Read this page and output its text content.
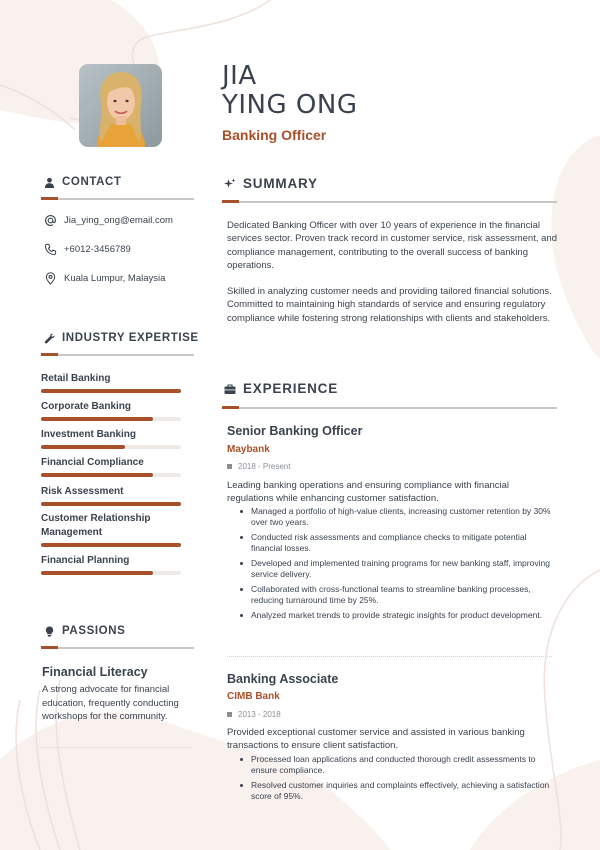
JIA
YING ONG
Banking Officer
CONTACT
Jia_ying_ong@email.com
+6012-3456789
Kuala Lumpur, Malaysia
INDUSTRY EXPERTISE
Retail Banking
Corporate Banking
Investment Banking
Financial Compliance
Risk Assessment
Customer Relationship Management
Financial Planning
PASSIONS
Financial Literacy
A strong advocate for financial education, frequently conducting workshops for the community.
SUMMARY
Dedicated Banking Officer with over 10 years of experience in the financial services sector. Proven track record in customer service, risk assessment, and compliance management, contributing to the overall success of banking operations.
Skilled in analyzing customer needs and providing tailored financial solutions. Committed to maintaining high standards of service and ensuring regulatory compliance while fostering strong relationships with clients and stakeholders.
EXPERIENCE
Senior Banking Officer
Maybank
2018 - Present
Leading banking operations and ensuring compliance with financial regulations while enhancing customer satisfaction.
Managed a portfolio of high-value clients, increasing customer retention by 30% over two years.
Conducted risk assessments and compliance checks to mitigate potential financial losses.
Developed and implemented training programs for new banking staff, improving service delivery.
Collaborated with cross-functional teams to streamline banking processes, reducing turnaround time by 25%.
Analyzed market trends to provide strategic insights for product development.
Banking Associate
CIMB Bank
2013 - 2018
Provided exceptional customer service and assisted in various banking transactions to ensure client satisfaction.
Processed loan applications and conducted thorough credit assessments to ensure compliance.
Resolved customer inquiries and complaints effectively, achieving a satisfaction score of 95%.
